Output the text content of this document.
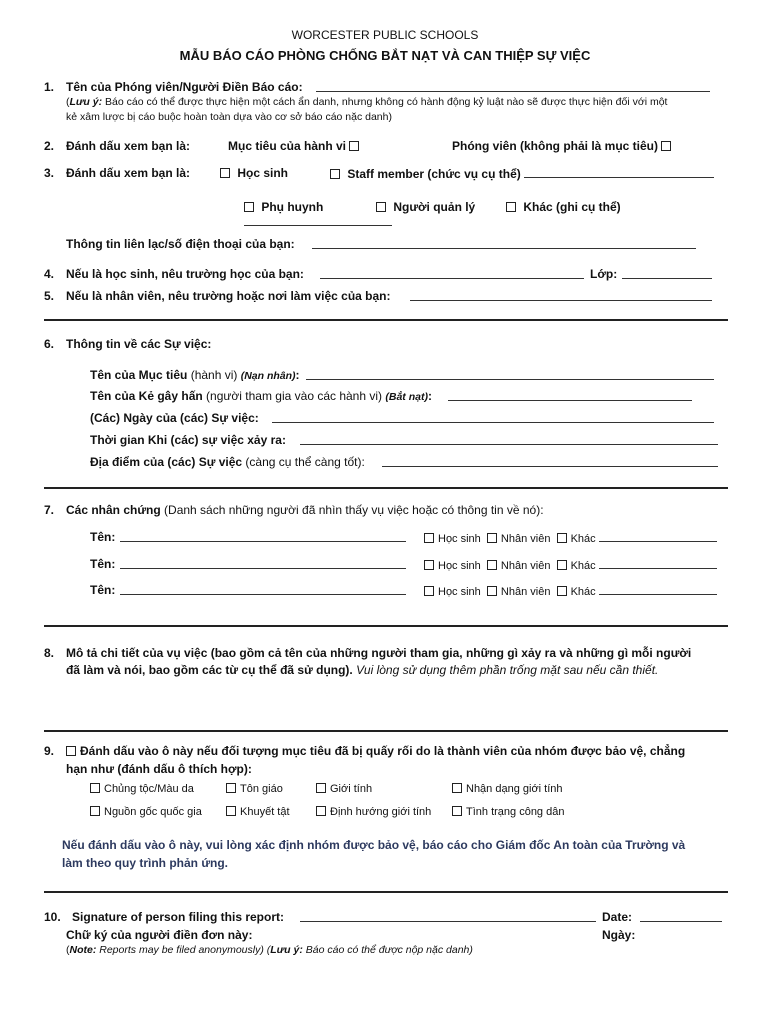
WORCESTER PUBLIC SCHOOLS
MẪU BÁO CÁO PHÒNG CHỐNG BẮT NẠT VÀ CAN THIỆP SỰ VIỆC
1. Tên của Phóng viên/Người Điền Báo cáo:
(Lưu ý: Báo cáo có thể được thực hiện một cách ẩn danh, nhưng không có hành động kỷ luật nào sẽ được thực hiện đối với một
kẻ xâm lược bị cáo buộc hoàn toàn dựa vào cơ sở báo cáo nặc danh)
2. Đánh dấu xem bạn là:	Mục tiêu của hành vi	Phóng viên (không phải là mục tiêu)
3. Đánh dấu xem bạn là:	Học sinh	Staff member (chức vụ cụ thể)
Phụ huynh	Người quản lý	Khác (ghi cụ thể)
Thông tin liên lạc/số điện thoại của bạn:
4. Nếu là học sinh, nêu trường học của bạn:	Lớp:
5. Nếu là nhân viên, nêu trường hoặc nơi làm việc của bạn:
6. Thông tin về các Sự việc:
Tên của Mục tiêu (hành vi) (Nạn nhân):
Tên của Kẻ gây hấn (người tham gia vào các hành vi) (Bắt nạt):
(Các) Ngày của (các) Sự việc:
Thời gian Khi (các) sự việc xảy ra:
Địa điểm của (các) Sự việc (càng cụ thể càng tốt):
7. Các nhân chứng (Danh sách những người đã nhìn thấy vụ việc hoặc có thông tin về nó):
Tên:	Học sinh Nhân viên Khác
Tên:	Học sinh Nhân viên Khác
Tên:	Học sinh Nhân viên Khác
8. Mô tả chi tiết của vụ việc (bao gồm cả tên của những người tham gia, những gì xảy ra và những gì mỗi người
đã làm và nói, bao gồm các từ cụ thể đã sử dụng). Vui lòng sử dụng thêm phần trống mặt sau nếu cần thiết.
9.	Đánh dấu vào ô này nếu đối tượng mục tiêu đã bị quấy rối do là thành viên của nhóm được bảo vệ, chẳng
hạn như (đánh dấu ô thích hợp):
Chủng tộc/Màu da	Tôn giáo	Giới tính	Nhận dạng giới tính
Nguồn gốc quốc gia	Khuyết tật	Định hướng giới tính	Tình trạng công dân
Nếu đánh dấu vào ô này, vui lòng xác định nhóm được bảo vệ, báo cáo cho Giám đốc An toàn của Trường và
làm theo quy trình phản ứng.
10. Signature of person filing this report:	Date:
Chữ ký của người điền đơn này:	Ngày:
(Note: Reports may be filed anonymously) (Lưu ý: Báo cáo có thể được nộp nặc danh)
